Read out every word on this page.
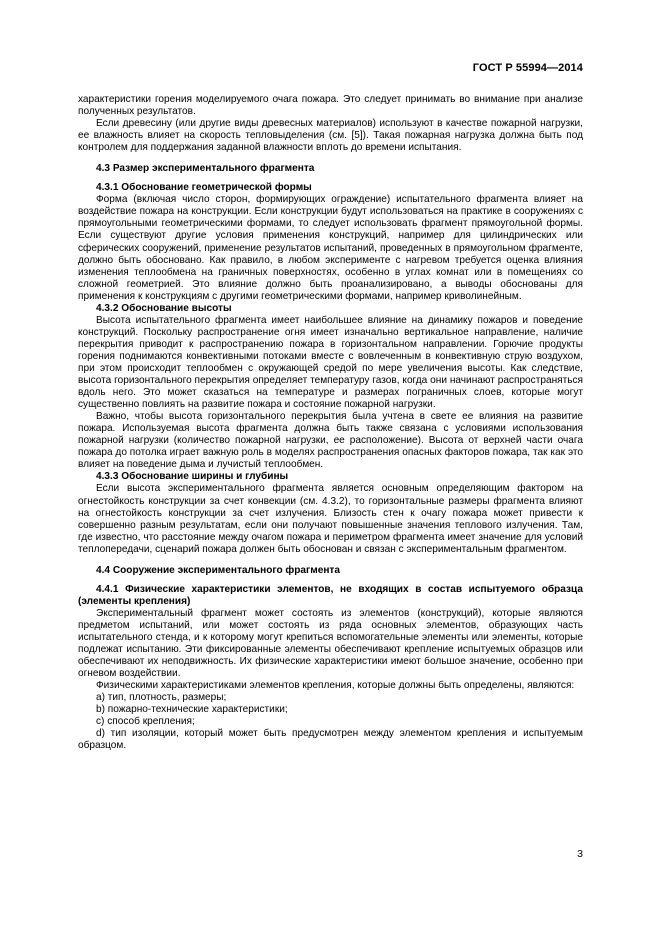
ГОСТ Р 55994—2014

характеристики горения моделируемого очага пожара. Это следует принимать во внимание при анализе полученных результатов.

Если древесину (или другие виды древесных материалов) используют в качестве пожарной нагрузки, ее влажность влияет на скорость тепловыделения (см. [5]). Такая пожарная нагрузка должна быть под контролем для поддержания заданной влажности вплоть до времени испытания.

4.3 Размер экспериментального фрагмента

4.3.1 Обоснование геометрической формы

Форма (включая число сторон, формирующих ограждение) испытательного фрагмента влияет на воздействие пожара на конструкции. Если конструкции будут использоваться на практике в сооружениях с прямоугольными геометрическими формами, то следует использовать фрагмент прямоугольной формы. Если существуют другие условия применения конструкций, например для цилиндрических или сферических сооружений, применение результатов испытаний, проведенных в прямоугольном фрагменте, должно быть обосновано. Как правило, в любом эксперименте с нагревом требуется оценка влияния изменения теплообмена на граничных поверхностях, особенно в углах комнат или в помещениях со сложной геометрией. Это влияние должно быть проанализировано, а выводы обоснованы для применения к конструкциям с другими геометрическими формами, например криволинейным.

4.3.2 Обоснование высоты

Высота испытательного фрагмента имеет наибольшее влияние на динамику пожаров и поведение конструкций. Поскольку распространение огня имеет изначально вертикальное направление, наличие перекрытия приводит к распространению пожара в горизонтальном направлении. Горючие продукты горения поднимаются конвективными потоками вместе с вовлеченным в конвективную струю воздухом, при этом происходит теплообмен с окружающей средой по мере увеличения высоты. Как следствие, высота горизонтального перекрытия определяет температуру газов, когда они начинают распространяться вдоль него. Это может сказаться на температуре и размерах пограничных слоев, которые могут существенно повлиять на развитие пожара и состояние пожарной нагрузки.

Важно, чтобы высота горизонтального перекрытия была учтена в свете ее влияния на развитие пожара. Используемая высота фрагмента должна быть также связана с условиями использования пожарной нагрузки (количество пожарной нагрузки, ее расположение). Высота от верхней части очага пожара до потолка играет важную роль в моделях распространения опасных факторов пожара, так как это влияет на поведение дыма и лучистый теплообмен.

4.3.3 Обоснование ширины и глубины

Если высота экспериментального фрагмента является основным определяющим фактором на огнестойкость конструкции за счет конвекции (см. 4.3.2), то горизонтальные размеры фрагмента влияют на огнестойкость конструкции за счет излучения. Близость стен к очагу пожара может привести к совершенно разным результатам, если они получают повышенные значения теплового излучения. Там, где известно, что расстояние между очагом пожара и периметром фрагмента имеет значение для условий теплопередачи, сценарий пожара должен быть обоснован и связан с экспериментальным фрагментом.

4.4 Сооружение экспериментального фрагмента

4.4.1 Физические характеристики элементов, не входящих в состав испытуемого образца (элементы крепления)

Экспериментальный фрагмент может состоять из элементов (конструкций), которые являются предметом испытаний, или может состоять из ряда основных элементов, образующих часть испытательного стенда, и к которому могут крепиться вспомогательные элементы или элементы, которые подлежат испытанию. Эти фиксированные элементы обеспечивают крепление испытуемых образцов или обеспечивают их неподвижность. Их физические характеристики имеют большое значение, особенно при огневом воздействии.

Физическими характеристиками элементов крепления, которые должны быть определены, являются:

a) тип, плотность, размеры;

b) пожарно-технические характеристики;

c) способ крепления;

d) тип изоляции, который может быть предусмотрен между элементом крепления и испытуемым образцом.

3
